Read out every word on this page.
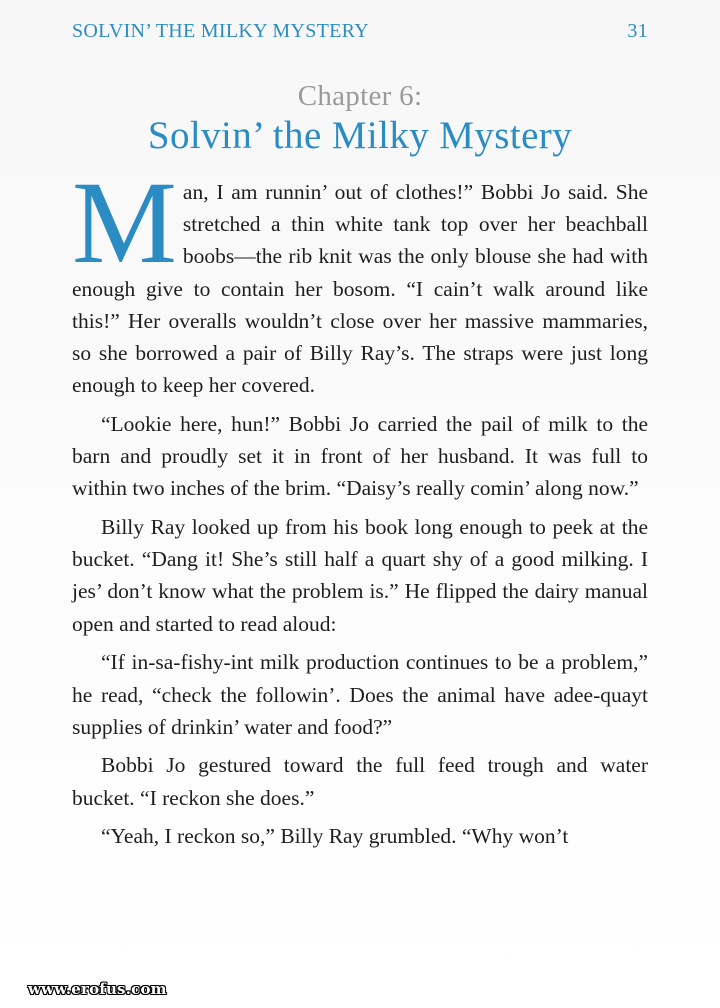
SOLVIN’ THE MILKY MYSTERY	31
Chapter 6:
Solvin’ the Milky Mystery

Man, I am runnin’ out of clothes!” Bobbi Jo said. She stretched a thin white tank top over her beachball boobs—the rib knit was the only blouse she had with enough give to contain her bosom. “I cain’t walk around like this!” Her overalls wouldn’t close over her massive mammaries, so she borrowed a pair of Billy Ray’s. The straps were just long enough to keep her covered.

“Lookie here, hun!” Bobbi Jo carried the pail of milk to the barn and proudly set it in front of her husband. It was full to within two inches of the brim. “Daisy’s really comin’ along now.”

Billy Ray looked up from his book long enough to peek at the bucket. “Dang it! She’s still half a quart shy of a good milking. I jes’ don’t know what the problem is.” He flipped the dairy manual open and started to read aloud:

“If in-sa-fishy-int milk production continues to be a problem,” he read, “check the followin’. Does the animal have adee-quayt supplies of drinkin’ water and food?”

Bobbi Jo gestured toward the full feed trough and water bucket. “I reckon she does.”

“Yeah, I reckon so,” Billy Ray grumbled. “Why won’t

www.erofus.com
